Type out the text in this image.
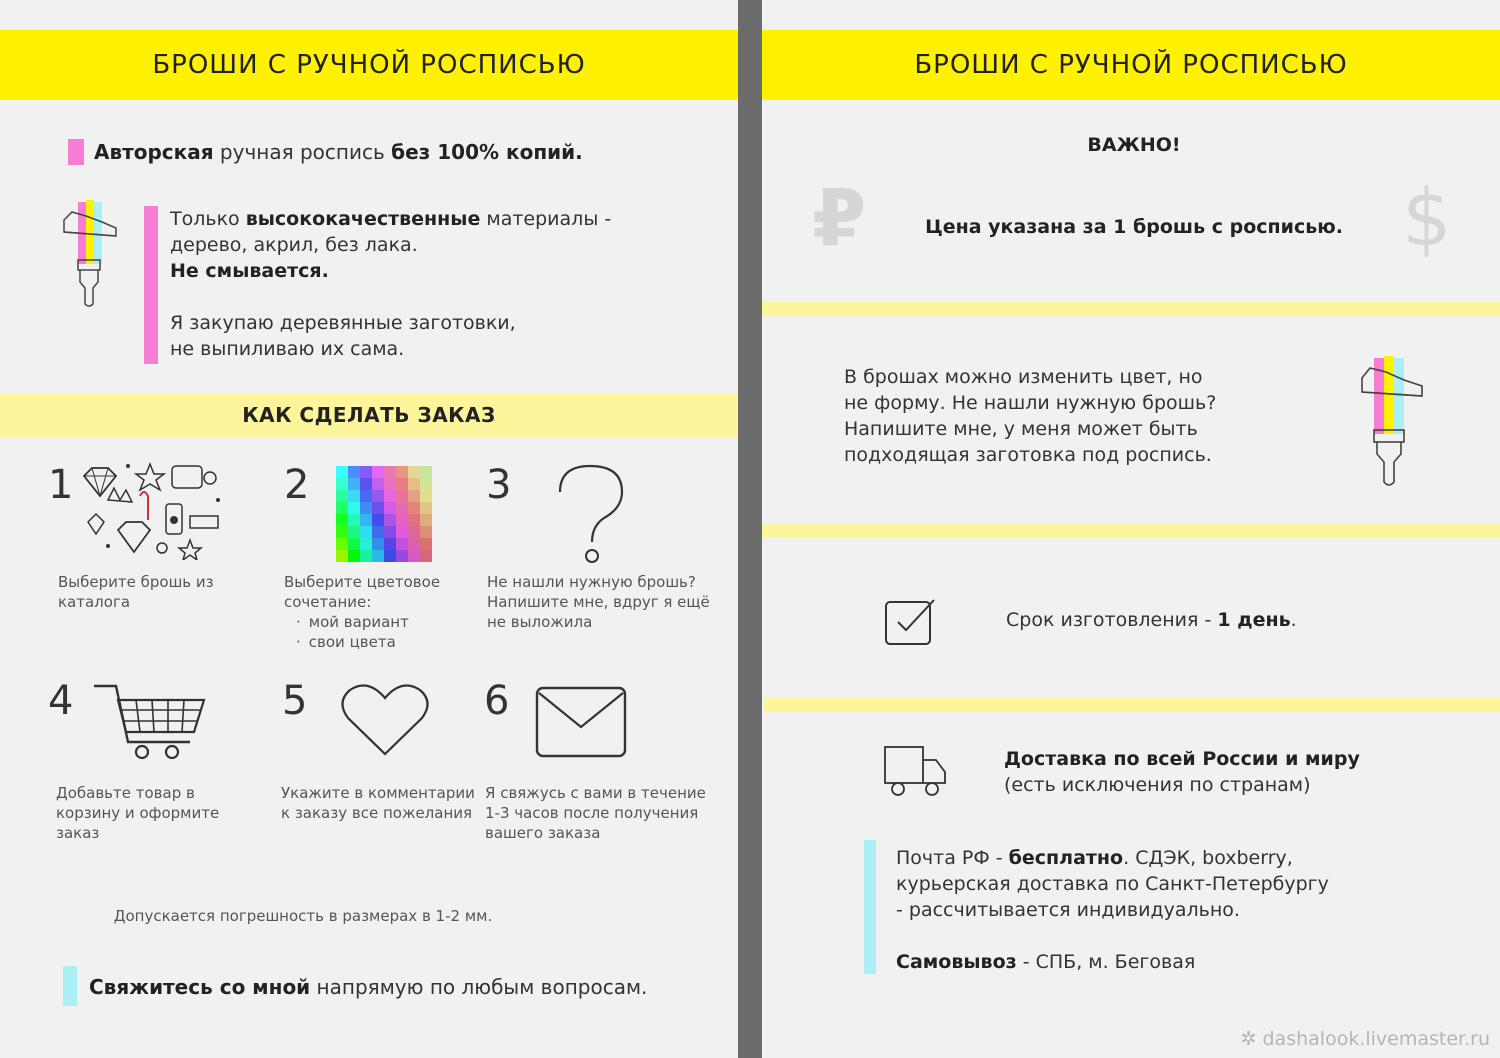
БРОШИ С РУЧНОЙ РОСПИСЬЮ
Авторская ручная роспись без 100% копий.
Только высококачественные материалы -
дерево, акрил, без лака.
Не смывается.
Я закупаю деревянные заготовки,
не выпиливаю их сама.
КАК СДЕЛАТЬ ЗАКАЗ
1
Выберите брошь из каталога
2
Выберите цветовое сочетание:
· мой вариант
· свои цвета
3
Не нашли нужную брошь? Напишите мне, вдруг я ещё не выложила
4
Добавьте товар в корзину и оформите заказ
5
Укажите в комментарии к заказу все пожелания
6
Я свяжусь с вами в течение 1-3 часов после получения вашего заказа
Допускается погрешность в размерах в 1-2 мм.
Свяжитесь со мной напрямую по любым вопросам.
БРОШИ С РУЧНОЙ РОСПИСЬЮ
ВАЖНО!
₽	$
Цена указана за 1 брошь с росписью.
В брошах можно изменить цвет, но
не форму. Не нашли нужную брошь?
Напишите мне, у меня может быть
подходящая заготовка под роспись.
Срок изготовления - 1 день.
Доставка по всей России и миру
(есть исключения по странам)
Почта РФ - бесплатно. СДЭК, boxberry,
курьерская доставка по Санкт-Петербургу
- рассчитывается индивидуально.
Самовывоз - СПБ, м. Беговая
✲ dashalook.livemaster.ru
